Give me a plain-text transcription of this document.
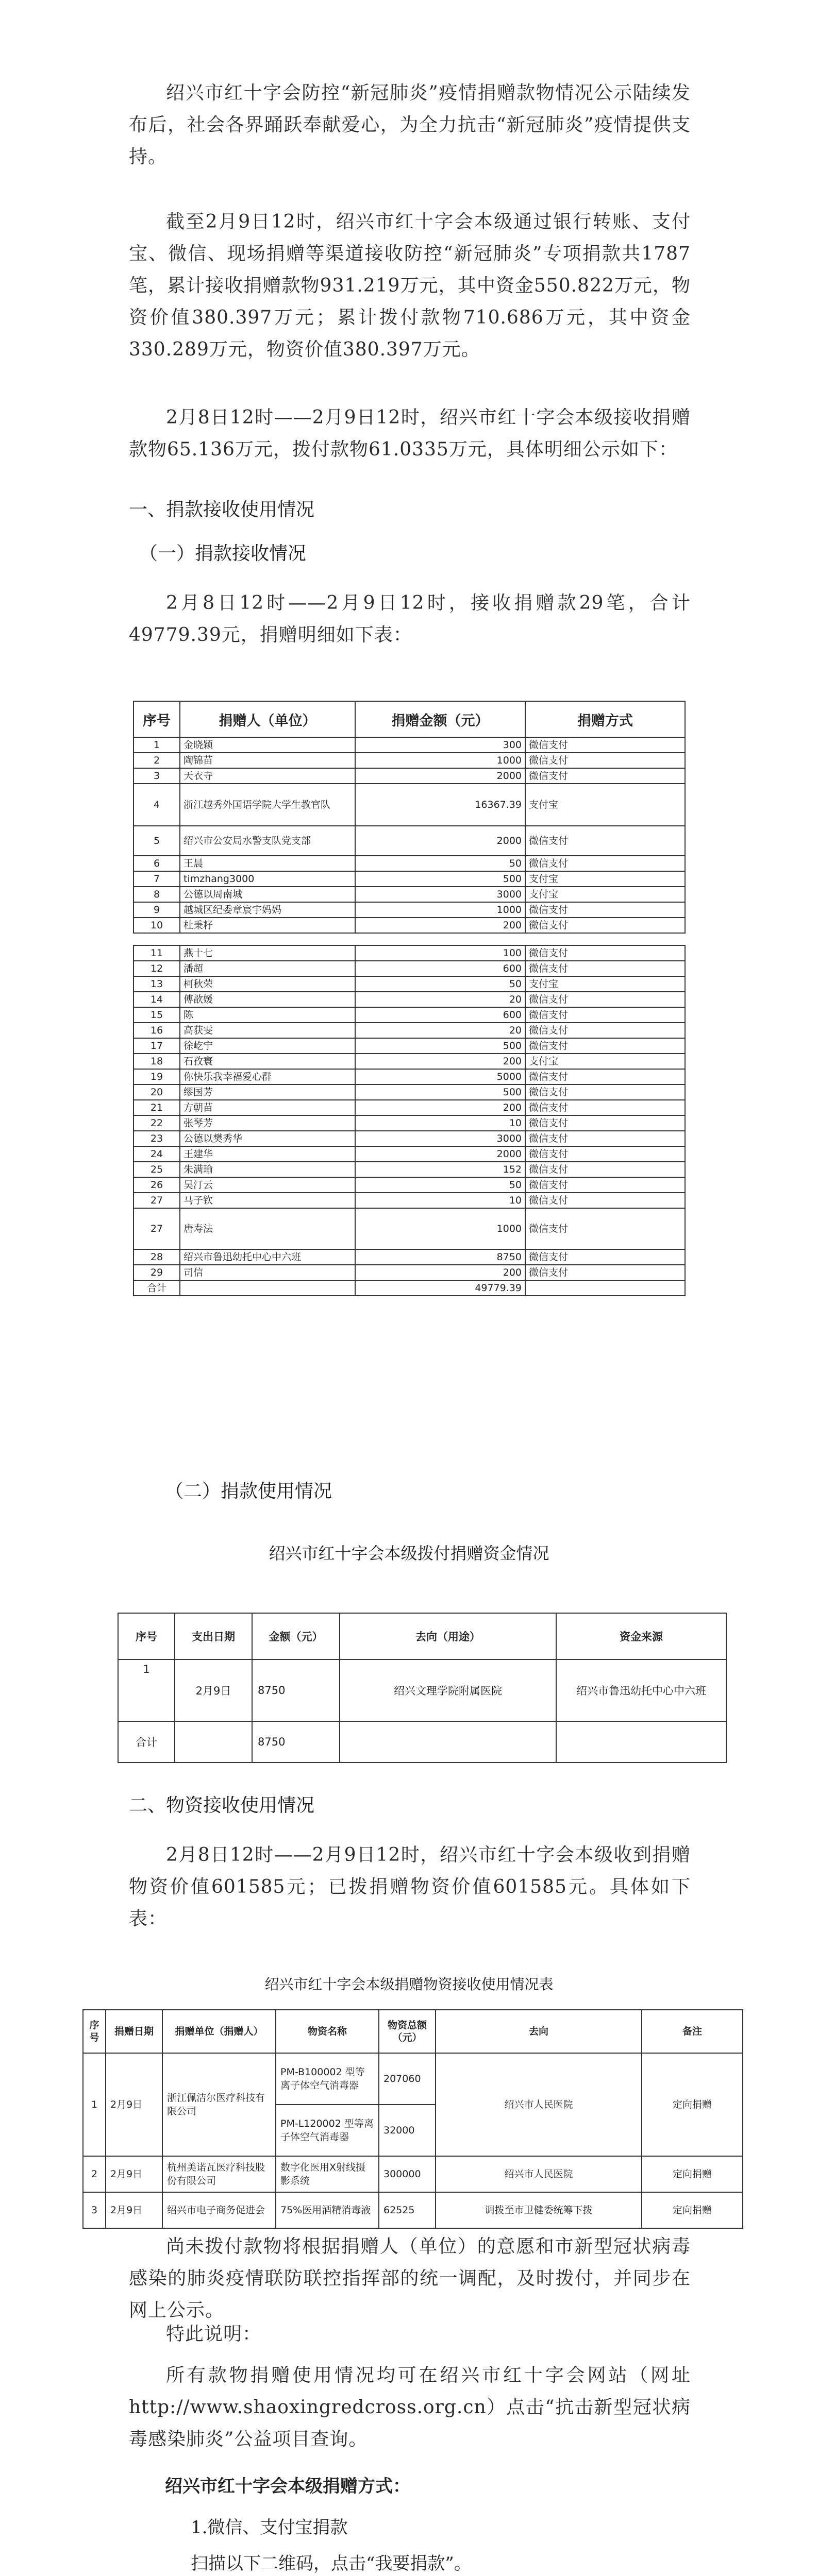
绍兴市红十字会防控“新冠肺炎”疫情捐赠款物情况公示陆续发布后，社会各界踊跃奉献爱心，为全力抗击“新冠肺炎”疫情提供支持。

截至2月9日12时，绍兴市红十字会本级通过银行转账、支付宝、微信、现场捐赠等渠道接收防控“新冠肺炎”专项捐款共1787笔，累计接收捐赠款物931.219万元，其中资金550.822万元，物资价值380.397万元；累计拨付款物710.686万元，其中资金330.289万元，物资价值380.397万元。

2月8日12时——2月9日12时，绍兴市红十字会本级接收捐赠款物65.136万元，拨付款物61.0335万元，具体明细公示如下：

一、捐款接收使用情况
（一）捐款接收情况

2月8日12时——2月9日12时，接收捐赠款29笔，合计49779.39元，捐赠明细如下表：

序号	捐赠人（单位）	捐赠金额（元）	捐赠方式
1	金晓颖	300	微信支付
2	陶锦苗	1000	微信支付
3	天衣寺	2000	微信支付
4	浙江越秀外国语学院大学生教官队	16367.39	支付宝
5	绍兴市公安局水警支队党支部	2000	微信支付
6	王晨	50	微信支付
7	timzhang3000	500	支付宝
8	公德以周南城	3000	支付宝
9	越城区纪委章宸宇妈妈	1000	微信支付
10	杜秉籽	200	微信支付

11	燕十七	100	微信支付
12	潘超	600	微信支付
13	柯秋荣	50	支付宝
14	傅歆媛	20	微信支付
15	陈	600	微信支付
16	高获雯	20	微信支付
17	徐屹宁	500	微信支付
18	石孜寰	200	支付宝
19	你快乐我幸福爱心群	5000	微信支付
20	缪国芳	500	微信支付
21	方朝苗	200	微信支付
22	张琴芳	10	微信支付
23	公德以樊秀华	3000	微信支付
24	王建华	2000	微信支付
25	朱满瑜	152	微信支付
26	吴汀云	50	微信支付
27	马子钦	10	微信支付
27	唐寿法	1000	微信支付
28	绍兴市鲁迅幼托中心中六班	8750	微信支付
29	司信	200	微信支付
合计		49779.39	
（二）捐款使用情况
绍兴市红十字会本级拨付捐赠资金情况
序号	支出日期	金额（元）	去向（用途）	资金来源
1	2月9日	8750	绍兴文理学院附属医院	绍兴市鲁迅幼托中心中六班
合计		8750		
二、物资接收使用情况

2月8日12时——2月9日12时，绍兴市红十字会本级收到捐赠物资价值601585元；已拨捐赠物资价值601585元。具体如下表：

绍兴市红十字会本级捐赠物资接收使用情况表
序号	捐赠日期	捐赠单位（捐赠人）	物资名称	物资总额（元）	去向	备注
1	2月9日	浙江佩洁尔医疗科技有限公司	PM-B100002 型等离子体空气消毒器	207060	绍兴市人民医院	定向捐赠
			PM-L120002 型等离子体空气消毒器	32000		
2	2月9日	杭州美诺瓦医疗科技股份有限公司	数字化医用X射线摄影系统	300000	绍兴市人民医院	定向捐赠
3	2月9日	绍兴市电子商务促进会	75%医用酒精消毒液	62525	调拨至市卫健委统筹下拨	定向捐赠

尚未拨付款物将根据捐赠人（单位）的意愿和市新型冠状病毒感染的肺炎疫情联防联控指挥部的统一调配，及时拨付，并同步在网上公示。

特此说明：

所有款物捐赠使用情况均可在绍兴市红十字会网站（网址http://www.shaoxingredcross.org.cn）点击“抗击新型冠状病毒感染肺炎”公益项目查询。

绍兴市红十字会本级捐赠方式：
1.微信、支付宝捐款
扫描以下二维码，点击“我要捐款”。
